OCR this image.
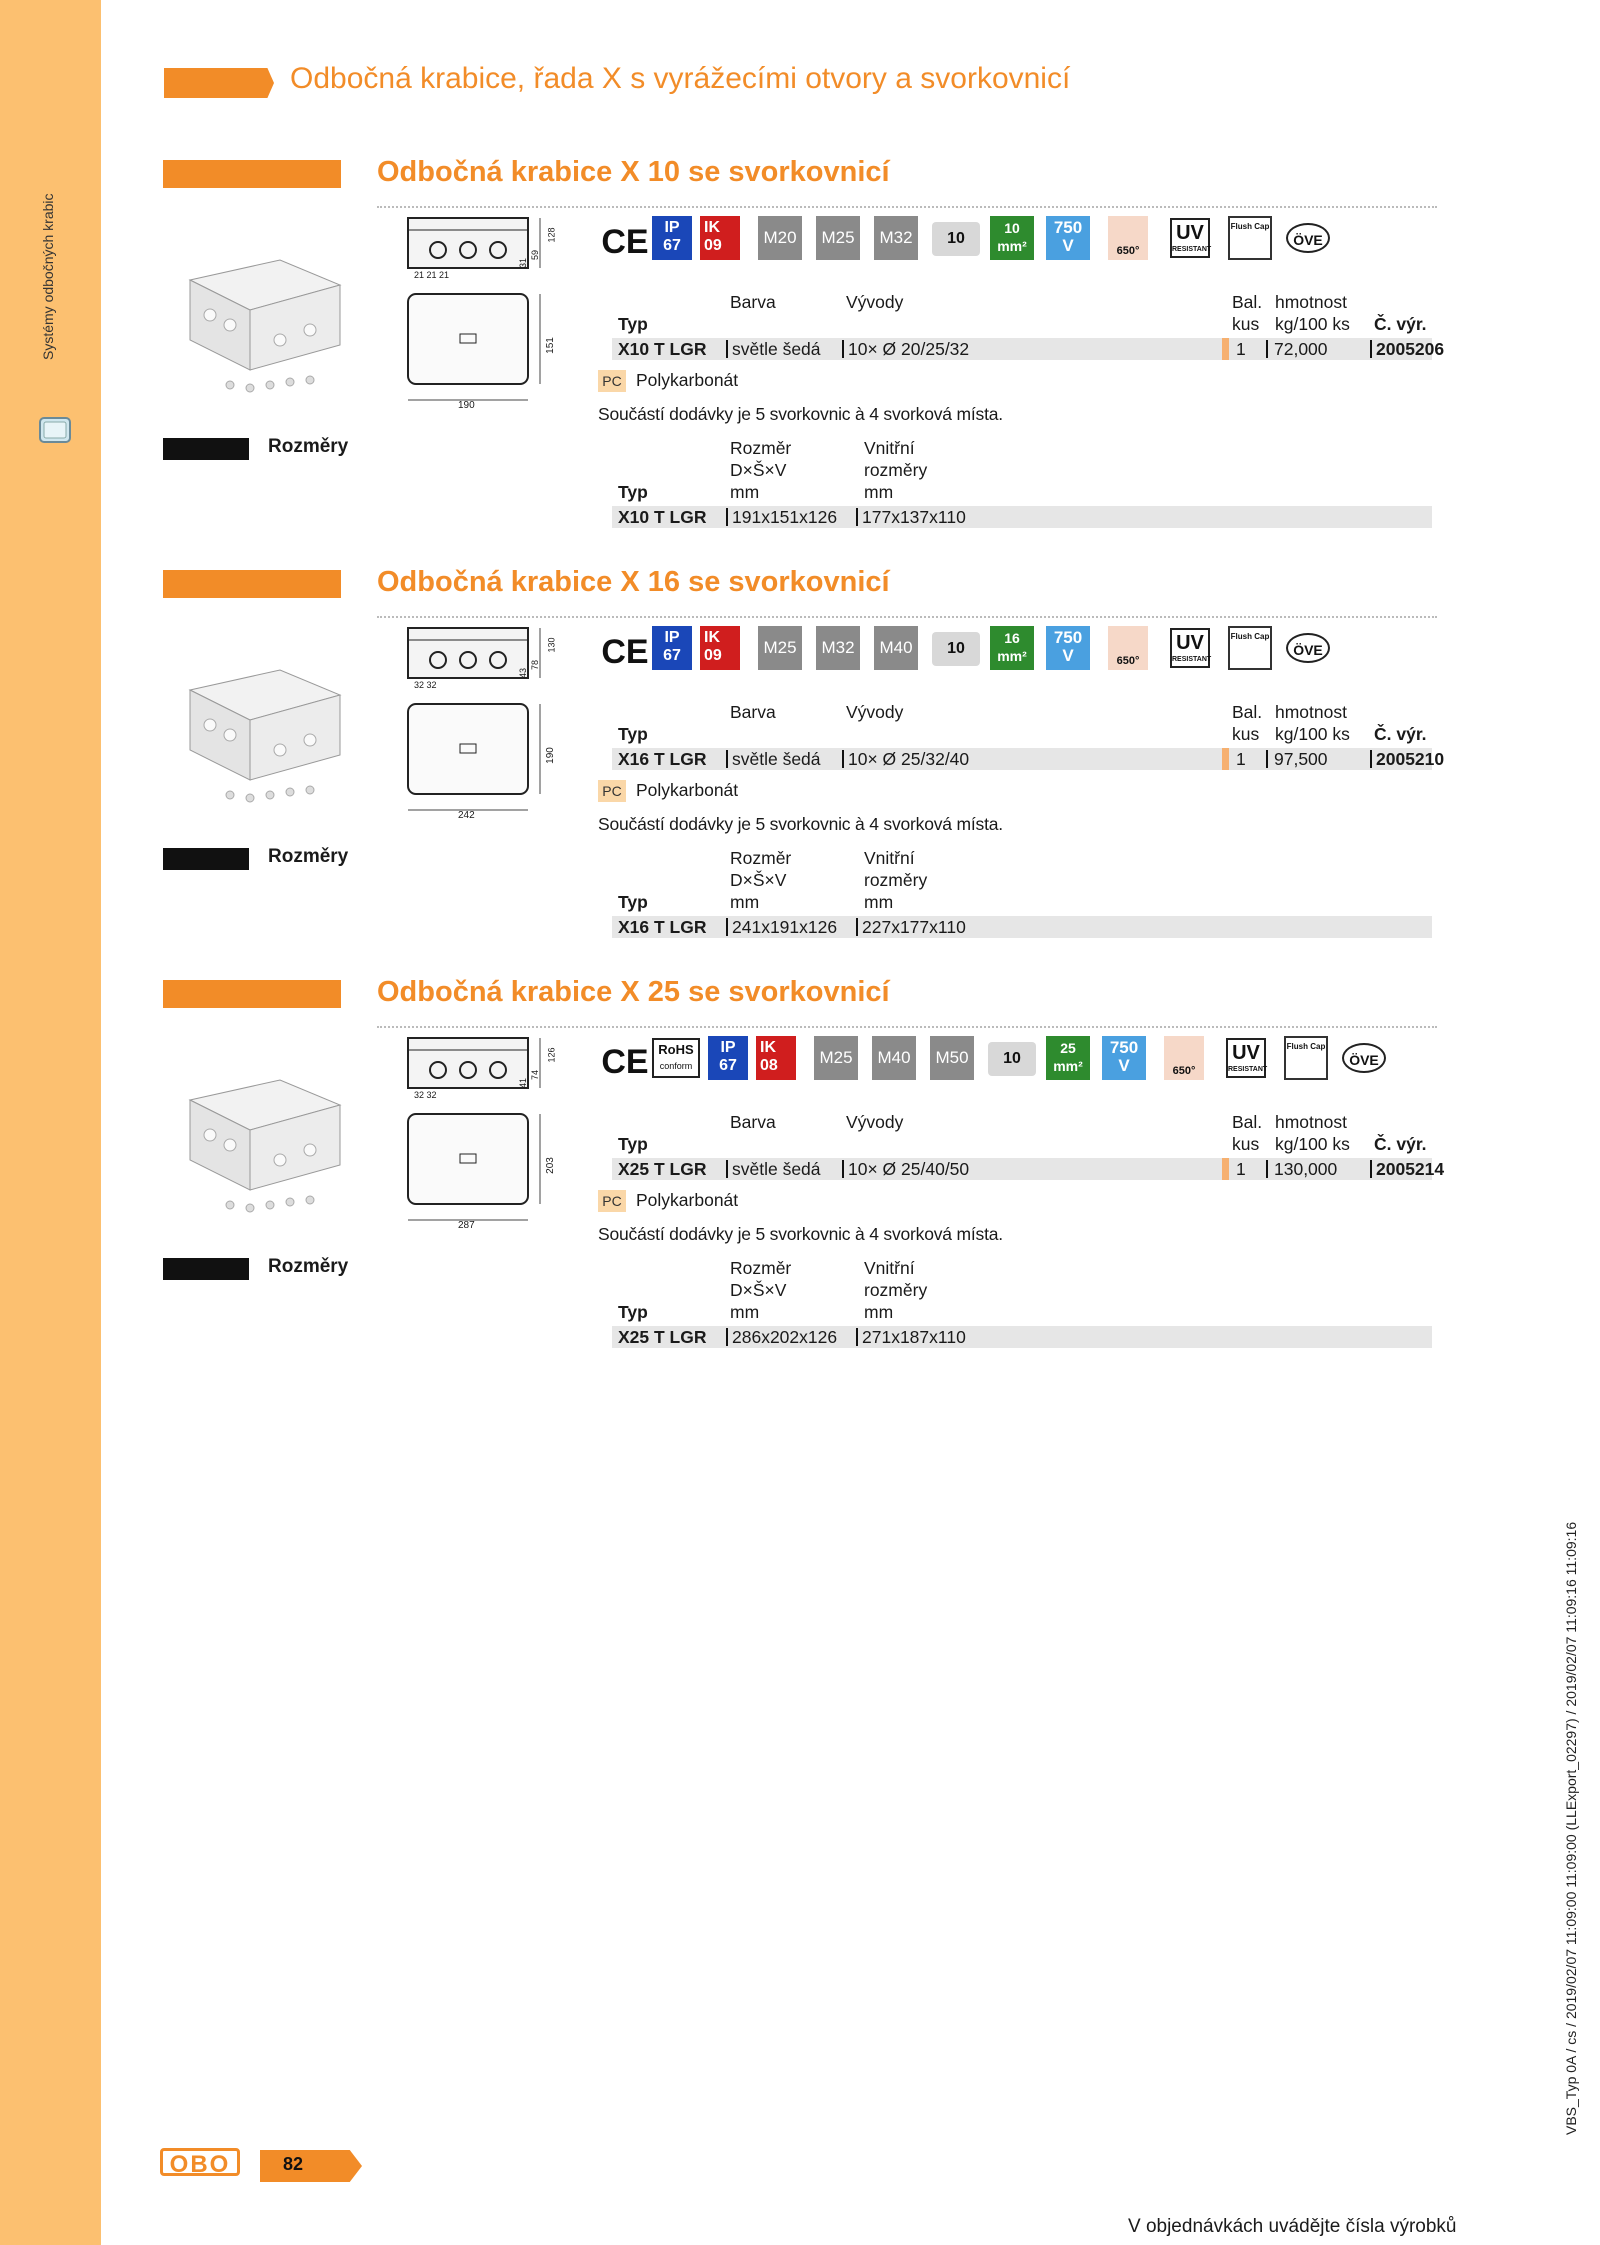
Systémy odbočných krabic
Odbočná krabice, řada X s vyrážecími otvory a svorkovnicí
Odbočná krabice X 10 se svorkovnicí
190
151
128
59
31
21 21 21
CE IP
67
IK
09	M20	M25	M32	10
10
mm²
750
V	650°
UV
RESISTANT
Flush Cap
ÖVE
Barva	Vývody	Bal. hmotnost
Typ	kus kg/100 ks Č. výr.
X10 T LGR světle šedá 10× Ø 20/25/32	1 72,000	2005206
PC Polykarbonát
Součástí dodávky je 5 svorkovnic à 4 svorková místa.
Rozměry	Rozměr	Vnitřní
D×Š×V	rozměry
Typ	mm	mm
X10 T LGR 191x151x126 177x137x110
Odbočná krabice X 16 se svorkovnicí
242
190
130
78
43
32 32
CE IP
67
IK
09	M25	M32	M40	10
16
mm²
750
V	650°
UV
RESISTANT
Flush Cap
ÖVE
Barva	Vývody	Bal. hmotnost
Typ	kus kg/100 ks Č. výr.
X16 T LGR světle šedá 10× Ø 25/32/40	1 97,500	2005210
PC Polykarbonát
Součástí dodávky je 5 svorkovnic à 4 svorková místa.
Rozměry	Rozměr	Vnitřní
D×Š×V	rozměry
Typ	mm	mm
X16 T LGR 241x191x126 227x177x110
Odbočná krabice X 25 se svorkovnicí
287
203
126
74
41
32 32
CE RoHS
conform
IP
67
IK
08	M25	M40	M50	10
25
mm²
750
V	650°
UV
RESISTANT
Flush Cap
ÖVE
Barva	Vývody	Bal. hmotnost
Typ	kus kg/100 ks Č. výr.
X25 T LGR světle šedá 10× Ø 25/40/50	1 130,000 2005214
PC Polykarbonát
Součástí dodávky je 5 svorkovnic à 4 svorková místa.
Rozměry	Rozměr	Vnitřní
D×Š×V	rozměry
Typ	mm	mm
X25 T LGR 286x202x126 271x187x110
OBO	82
V objednávkách uvádějte čísla výrobků
VBS_Typ 0A / cs / 2019/02/07 11:09:00 11:09:00 (LLExport_02297) / 2019/02/07 11:09:16 11:09:16
